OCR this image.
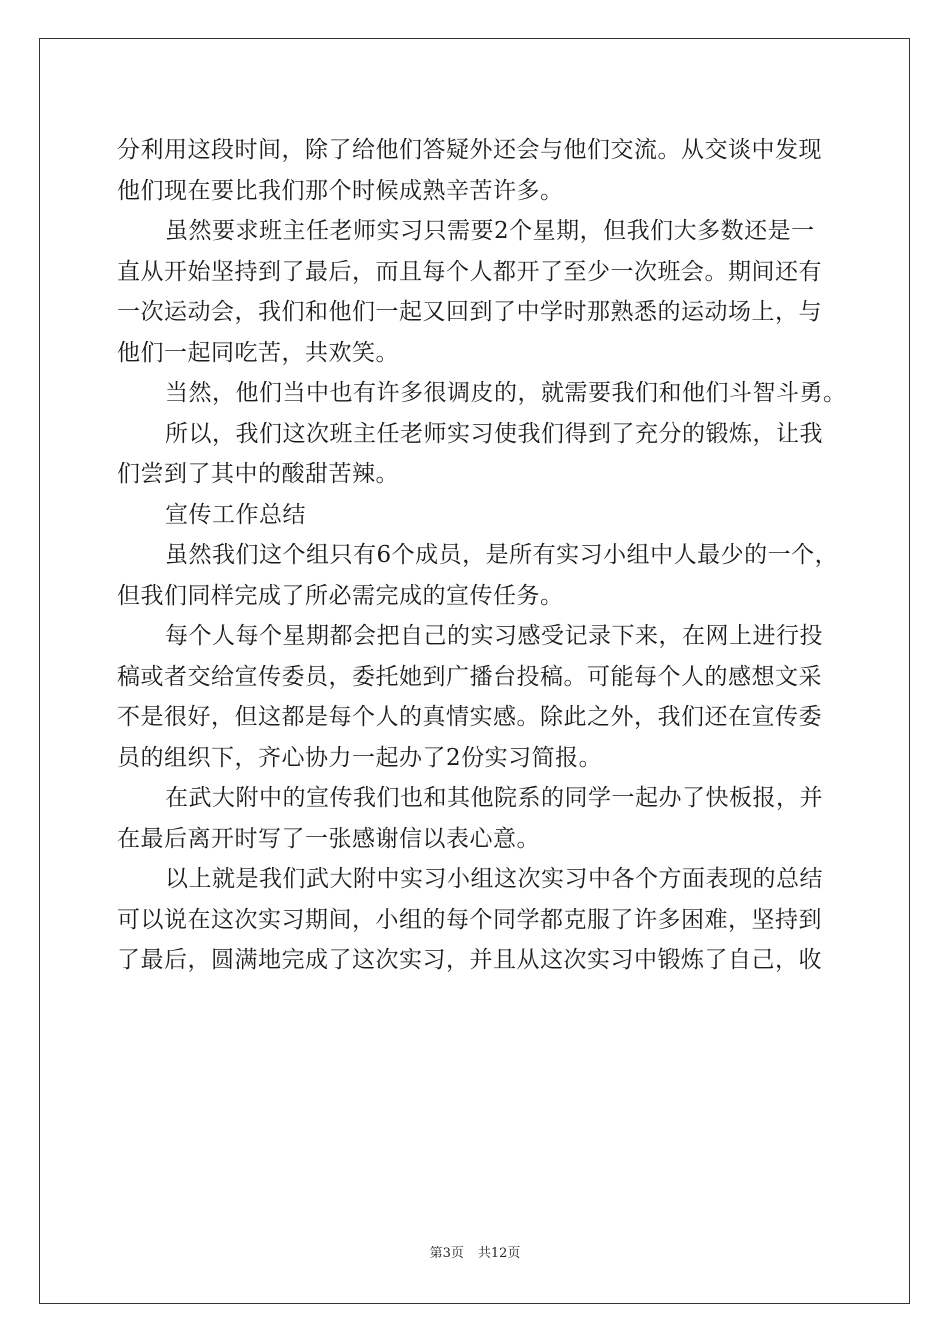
分利用这段时间，除了给他们答疑外还会与他们交流。从交谈中发现
他们现在要比我们那个时候成熟辛苦许多。
虽然要求班主任老师实习只需要2个星期，但我们大多数还是一
直从开始坚持到了最后，而且每个人都开了至少一次班会。期间还有
一次运动会，我们和他们一起又回到了中学时那熟悉的运动场上，与
他们一起同吃苦，共欢笑。
当然，他们当中也有许多很调皮的，就需要我们和他们斗智斗勇。
所以，我们这次班主任老师实习使我们得到了充分的锻炼，让我
们尝到了其中的酸甜苦辣。
宣传工作总结
虽然我们这个组只有6个成员，是所有实习小组中人最少的一个，
但我们同样完成了所必需完成的宣传任务。
每个人每个星期都会把自己的实习感受记录下来，在网上进行投
稿或者交给宣传委员，委托她到广播台投稿。可能每个人的感想文采
不是很好，但这都是每个人的真情实感。除此之外，我们还在宣传委
员的组织下，齐心协力一起办了2份实习简报。
在武大附中的宣传我们也和其他院系的同学一起办了快板报，并
在最后离开时写了一张感谢信以表心意。
以上就是我们武大附中实习小组这次实习中各个方面表现的总结
可以说在这次实习期间，小组的每个同学都克服了许多困难，坚持到
了最后，圆满地完成了这次实习，并且从这次实习中锻炼了自己，收
第3页 共12页
